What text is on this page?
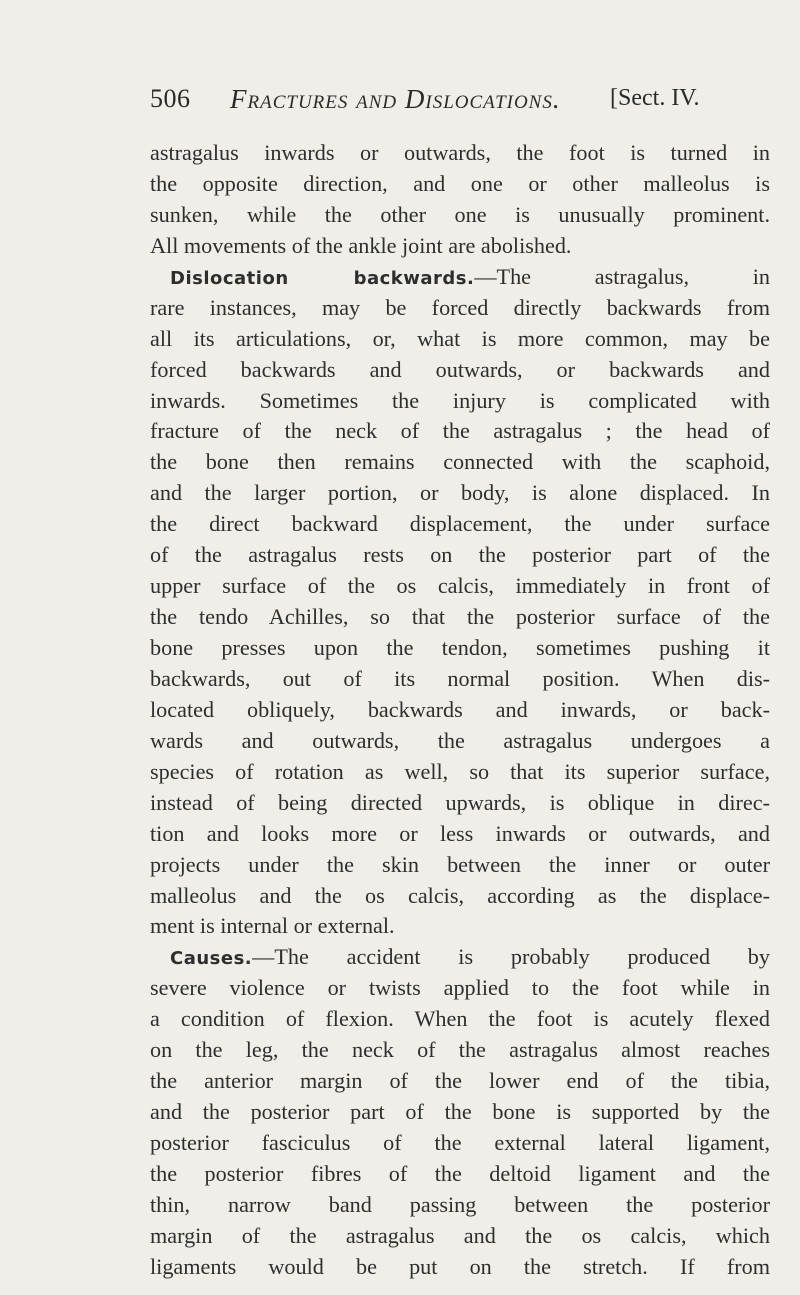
506 Fractures and Dislocations. [Sect. IV.
astragalus inwards or outwards, the foot is turned in
the opposite direction, and one or other malleolus is
sunken, while the other one is unusually prominent.
All movements of the ankle joint are abolished.
Dislocation backwards.—The astragalus, in
rare instances, may be forced directly backwards from
all its articulations, or, what is more common, may be
forced backwards and outwards, or backwards and
inwards. Sometimes the injury is complicated with
fracture of the neck of the astragalus ; the head of
the bone then remains connected with the scaphoid,
and the larger portion, or body, is alone displaced. In
the direct backward displacement, the under surface
of the astragalus rests on the posterior part of the
upper surface of the os calcis, immediately in front of
the tendo Achilles, so that the posterior surface of the
bone presses upon the tendon, sometimes pushing it
backwards, out of its normal position. When dis-
located obliquely, backwards and inwards, or back-
wards and outwards, the astragalus undergoes a
species of rotation as well, so that its superior surface,
instead of being directed upwards, is oblique in direc-
tion and looks more or less inwards or outwards, and
projects under the skin between the inner or outer
malleolus and the os calcis, according as the displace-
ment is internal or external.
Causes.—The accident is probably produced by
severe violence or twists applied to the foot while in
a condition of flexion. When the foot is acutely flexed
on the leg, the neck of the astragalus almost reaches
the anterior margin of the lower end of the tibia,
and the posterior part of the bone is supported by the
posterior fasciculus of the external lateral ligament,
the posterior fibres of the deltoid ligament and the
thin, narrow band passing between the posterior
margin of the astragalus and the os calcis, which
ligaments would be put on the stretch. If from
